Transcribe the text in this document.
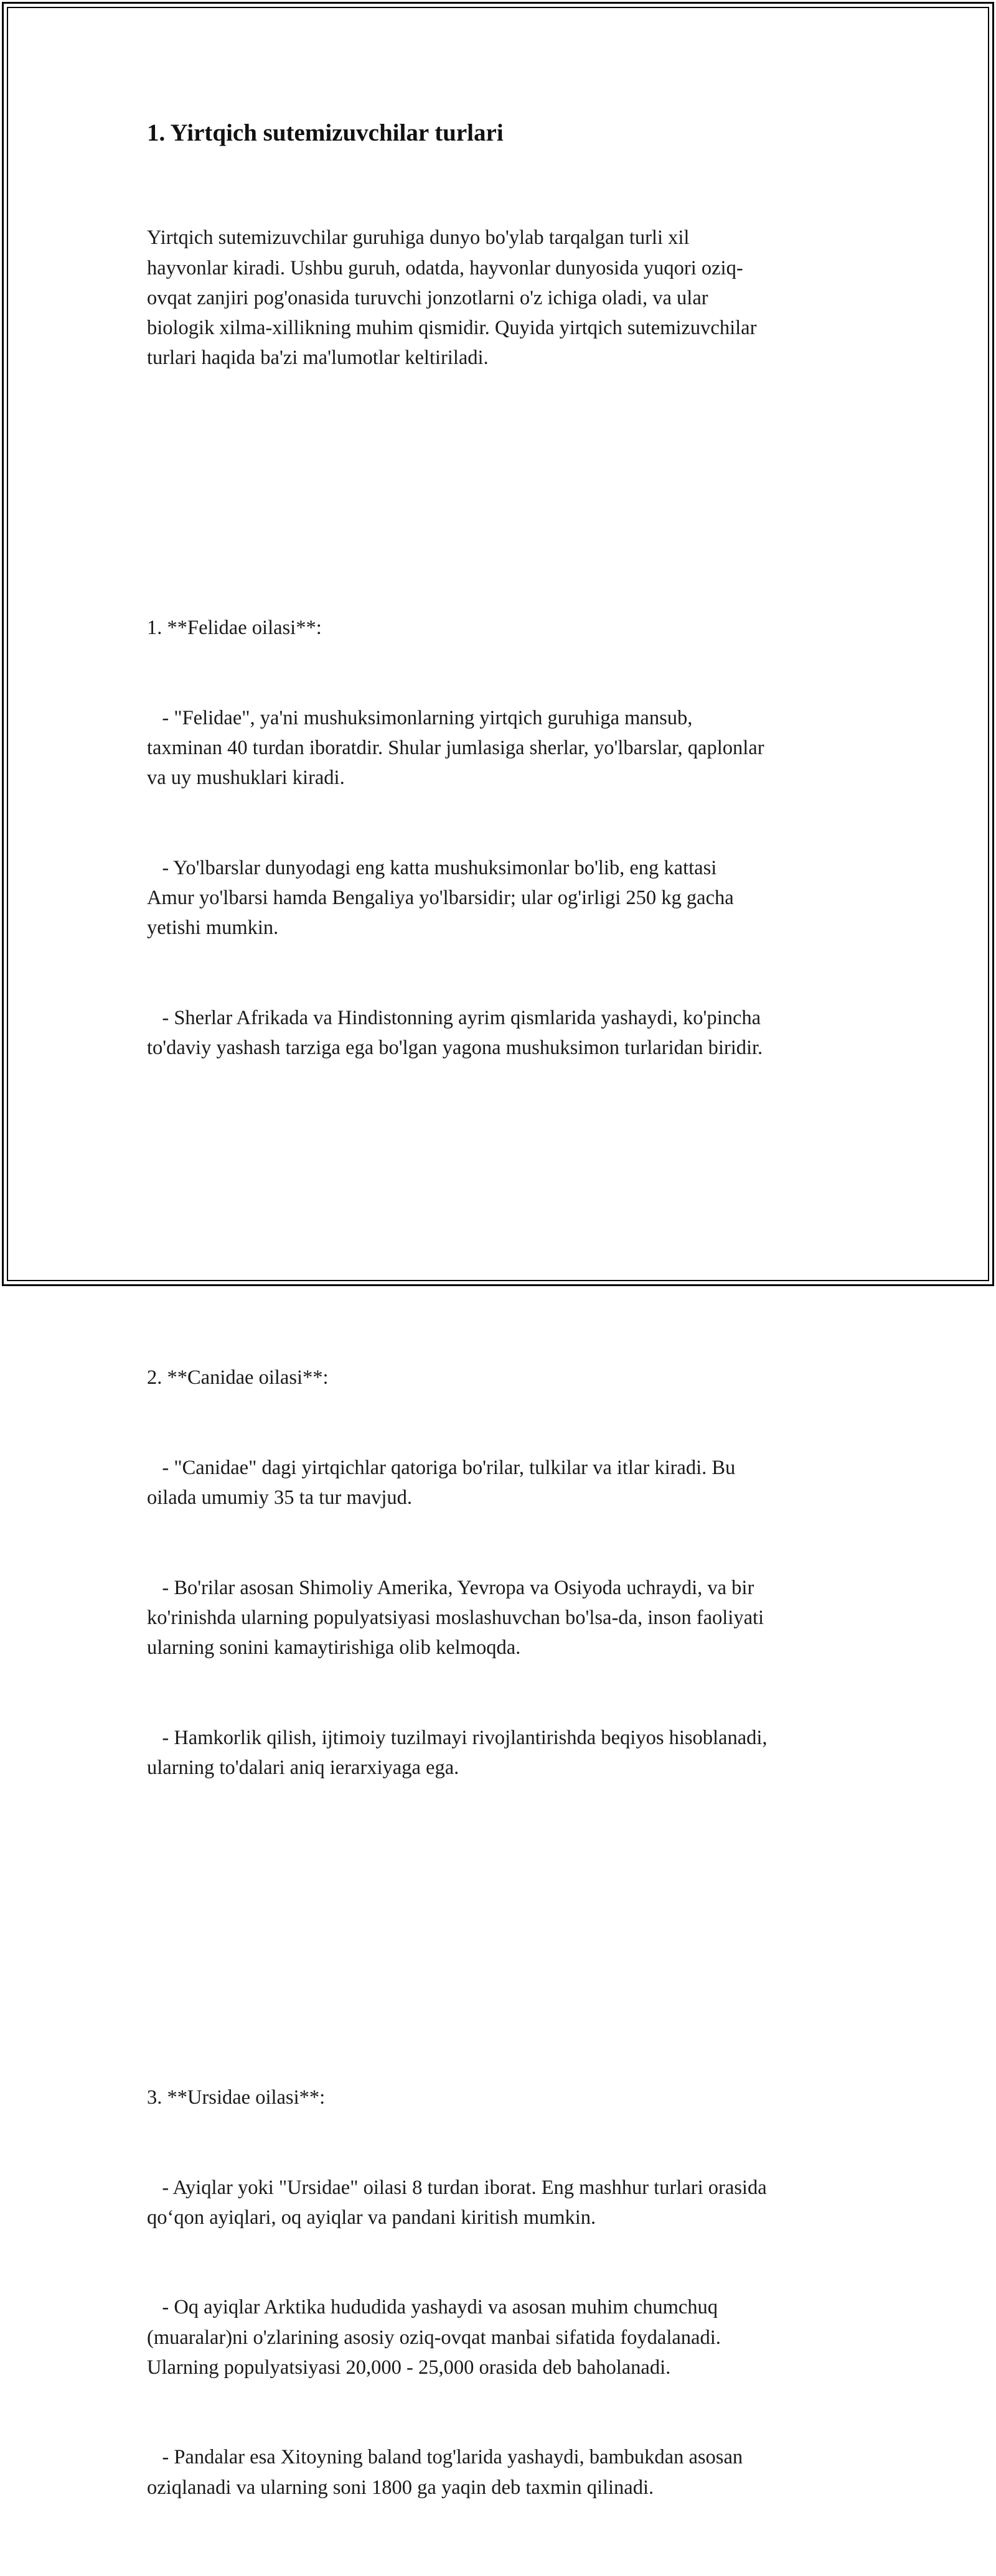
1. Yirtqich sutemizuvchilar turlari

Yirtqich sutemizuvchilar guruhiga dunyo bo'ylab tarqalgan turli xil
hayvonlar kiradi. Ushbu guruh, odatda, hayvonlar dunyosida yuqori oziq-
ovqat zanjiri pog'onasida turuvchi jonzotlarni o'z ichiga oladi, va ular
biologik xilma-xillikning muhim qismidir. Quyida yirtqich sutemizuvchilar
turlari haqida ba'zi ma'lumotlar keltiriladi.

1. **Felidae oilasi**:

- "Felidae", ya'ni mushuksimonlarning yirtqich guruhiga mansub,
taxminan 40 turdan iboratdir. Shular jumlasiga sherlar, yo'lbarslar, qaplonlar
va uy mushuklari kiradi.

- Yo'lbarslar dunyodagi eng katta mushuksimonlar bo'lib, eng kattasi
Amur yo'lbarsi hamda Bengaliya yo'lbarsidir; ular og'irligi 250 kg gacha
yetishi mumkin.

- Sherlar Afrikada va Hindistonning ayrim qismlarida yashaydi, ko'pincha
to'daviy yashash tarziga ega bo'lgan yagona mushuksimon turlaridan biridir.

2. **Canidae oilasi**:

- "Canidae" dagi yirtqichlar qatoriga bo'rilar, tulkilar va itlar kiradi. Bu
oilada umumiy 35 ta tur mavjud.

- Bo'rilar asosan Shimoliy Amerika, Yevropa va Osiyoda uchraydi, va bir
ko'rinishda ularning populyatsiyasi moslashuvchan bo'lsa-da, inson faoliyati
ularning sonini kamaytirishiga olib kelmoqda.

- Hamkorlik qilish, ijtimoiy tuzilmayi rivojlantirishda beqiyos hisoblanadi,
ularning to'dalari aniq ierarxiyaga ega.

3. **Ursidae oilasi**:

- Ayiqlar yoki "Ursidae" oilasi 8 turdan iborat. Eng mashhur turlari orasida
qo‘qon ayiqlari, oq ayiqlar va pandani kiritish mumkin.

- Oq ayiqlar Arktika hududida yashaydi va asosan muhim chumchuq
(muaralar)ni o'zlarining asosiy oziq-ovqat manbai sifatida foydalanadi.
Ularning populyatsiyasi 20,000 - 25,000 orasida deb baholanadi.

- Pandalar esa Xitoyning baland tog'larida yashaydi, bambukdan asosan
oziqlanadi va ularning soni 1800 ga yaqin deb taxmin qilinadi.
